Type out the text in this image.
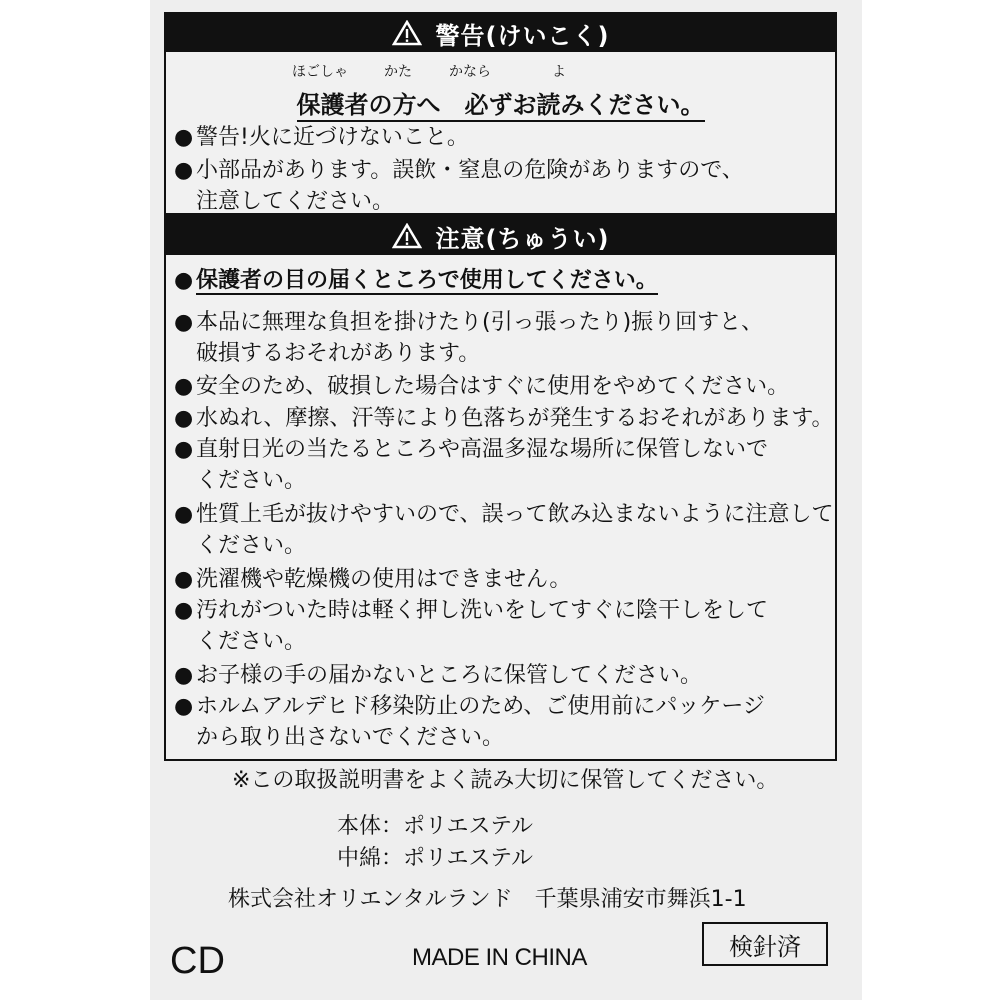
警告(けいこく)
ほごしゃ	かた	かなら	よ
保護者の方へ　必ずお読みください。
● 警告!火に近づけないこと。
● 小部品があります。誤飲・窒息の危険がありますので、
注意してください。
注意(ちゅうい)
● 保護者の目の届くところで使用してください。
● 本品に無理な負担を掛けたり(引っ張ったり)振り回すと、
破損するおそれがあります。
● 安全のため、破損した場合はすぐに使用をやめてください。
● 水ぬれ、摩擦、汗等により色落ちが発生するおそれがあります。
● 直射日光の当たるところや高温多湿な場所に保管しないで
ください。
● 性質上毛が抜けやすいので、誤って飲み込まないように注意して
ください。
● 洗濯機や乾燥機の使用はできません。
● 汚れがついた時は軽く押し洗いをしてすぐに陰干しをして
ください。
● お子様の手の届かないところに保管してください。
● ホルムアルデヒド移染防止のため、ご使用前にパッケージ
から取り出さないでください。
※この取扱説明書をよく読み大切に保管してください。
本体：ポリエステル
中綿：ポリエステル
株式会社オリエンタルランド　千葉県浦安市舞浜1-1
CD	MADE IN CHINA	検針済
